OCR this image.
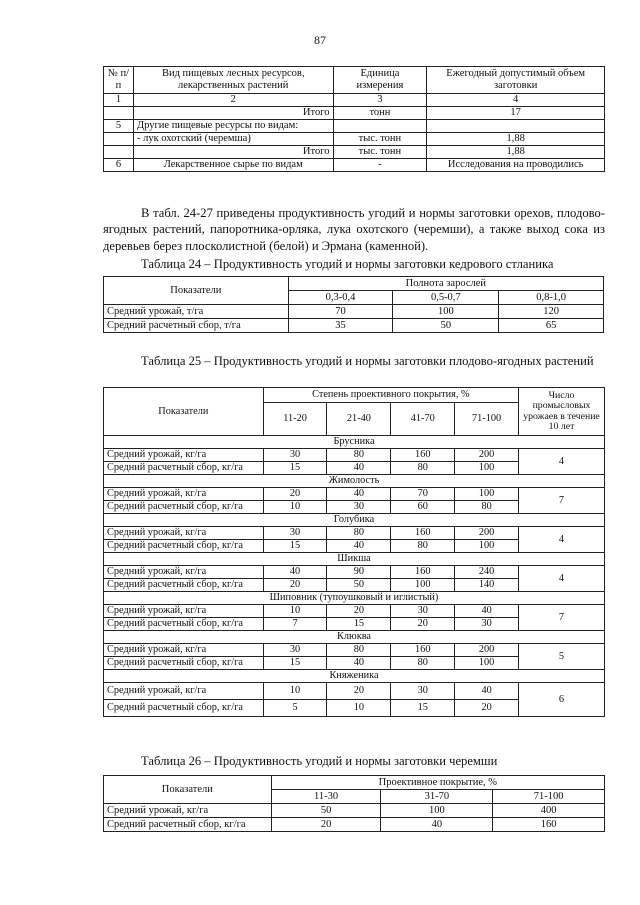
87
№ п/п	Вид пищевых лесных ресурсов, лекарственных растений	Единица измерения	Ежегодный допустимый объем заготовки
1	2	3	4
	Итого	тонн	17
5	Другие пищевые ресурсы по видам:		
	- лук охотский (черемша)	тыс. тонн	1,88
	Итого	тыс. тонн	1,88
6	Лекарственное сырье по видам	-	Исследования на проводились

В табл. 24-27 приведены продуктивность угодий и нормы заготовки орехов, плодово-ягодных растений, папоротника-орляка, лука охотского (черемши), а также выход сока из деревьев берез плосколистной (белой) и Эрмана (каменной).

Таблица 24 – Продуктивность угодий и нормы заготовки кедрового стланика
Показатели	Полнота зарослей		
	0,3-0,4	0,5-0,7	0,8-1,0
Средний урожай, т/га	70	100	120
Средний расчетный сбор, т/га	35	50	65
Таблица 25 – Продуктивность угодий и нормы заготовки плодово-ягодных растений
Показатели	Степень проективного покрытия, %				Число промысловых урожаев в течение 10 лет
	11-20	21-40	41-70	71-100	
Брусника					
Средний урожай, кг/га	30	80	160	200	4
Средний расчетный сбор, кг/га	15	40	80	100	
Жимолость					
Средний урожай, кг/га	20	40	70	100	7
Средний расчетный сбор, кг/га	10	30	60	80	
Голубика					
Средний урожай, кг/га	30	80	160	200	4
Средний расчетный сбор, кг/га	15	40	80	100	
Шикша					
Средний урожай, кг/га	40	90	160	240	4
Средний расчетный сбор, кг/га	20	50	100	140	
Шиповник (тупоушковый и иглистый)					
Средний урожай, кг/га	10	20	30	40	7
Средний расчетный сбор, кг/га	7	15	20	30	
Клюква					
Средний урожай, кг/га	30	80	160	200	5
Средний расчетный сбор, кг/га	15	40	80	100	
Княженика					
Средний урожай, кг/га	10	20	30	40	6
Средний расчетный сбор, кг/га	5	10	15	20	
Таблица 26 – Продуктивность угодий и нормы заготовки черемши
Показатели	Проективное покрытие, %		
	11-30	31-70	71-100
Средний урожай, кг/га	50	100	400
Средний расчетный сбор, кг/га	20	40	160
